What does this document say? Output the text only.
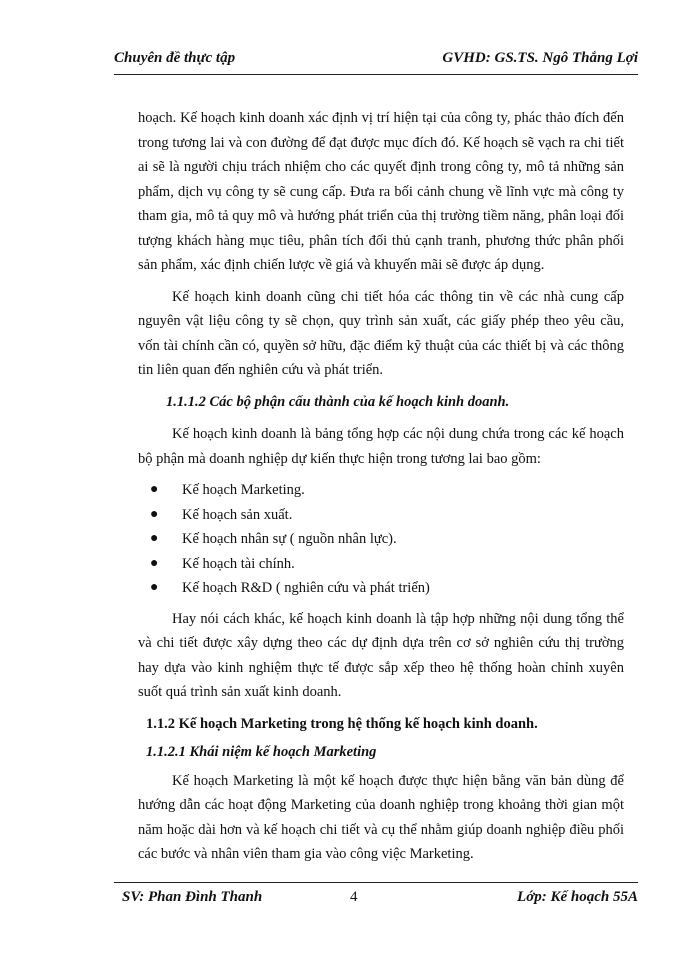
Chuyên đề thực tập	GVHD: GS.TS. Ngô Thắng Lợi

hoạch. Kế hoạch kinh doanh xác định vị trí hiện tại của công ty, phác thảo đích đến trong tương lai và con đường để đạt được mục đích đó. Kế hoạch sẽ vạch ra chi tiết ai sẽ là người chịu trách nhiệm cho các quyết định trong công ty, mô tả những sản phẩm, dịch vụ công ty sẽ cung cấp. Đưa ra bối cảnh chung về lĩnh vực mà công ty tham gia, mô tả quy mô và hướng phát triển của thị trường tiềm năng, phân loại đối tượng khách hàng mục tiêu, phân tích đối thủ cạnh tranh, phương thức phân phối sản phẩm, xác định chiến lược về giá và khuyến mãi sẽ được áp dụng.

Kế hoạch kinh doanh cũng chi tiết hóa các thông tin về các nhà cung cấp nguyên vật liệu công ty sẽ chọn, quy trình sản xuất, các giấy phép theo yêu cầu, vốn tài chính cần có, quyền sở hữu, đặc điểm kỹ thuật của các thiết bị và các thông tin liên quan đến nghiên cứu và phát triển.

1.1.1.2 Các bộ phận cấu thành của kế hoạch kinh doanh.

Kế hoạch kinh doanh là bảng tổng hợp các nội dung chứa trong các kế hoạch bộ phận mà doanh nghiệp dự kiến thực hiện trong tương lai bao gồm:

● Kế hoạch Marketing.
● Kế hoạch sản xuất.
● Kế hoạch nhân sự ( nguồn nhân lực).
● Kế hoạch tài chính.
● Kế hoạch R&D ( nghiên cứu và phát triển)

Hay nói cách khác, kế hoạch kinh doanh là tập hợp những nội dung tổng thể và chi tiết được xây dựng theo các dự định dựa trên cơ sở nghiên cứu thị trường hay dựa vào kinh nghiệm thực tế được sắp xếp theo hệ thống hoàn chỉnh xuyên suốt quá trình sản xuất kinh doanh.

1.1.2 Kế hoạch Marketing trong hệ thống kế hoạch kinh doanh.

1.1.2.1 Khái niệm kế hoạch Marketing

Kế hoạch Marketing là một kế hoạch được thực hiện bằng văn bản dùng để hướng dẫn các hoạt động Marketing của doanh nghiệp trong khoảng thời gian một năm hoặc dài hơn và kế hoạch chi tiết và cụ thể nhằm giúp doanh nghiệp điều phối các bước và nhân viên tham gia vào công việc Marketing.

SV: Phan Đình Thanh	4	Lớp: Kế hoạch 55A
